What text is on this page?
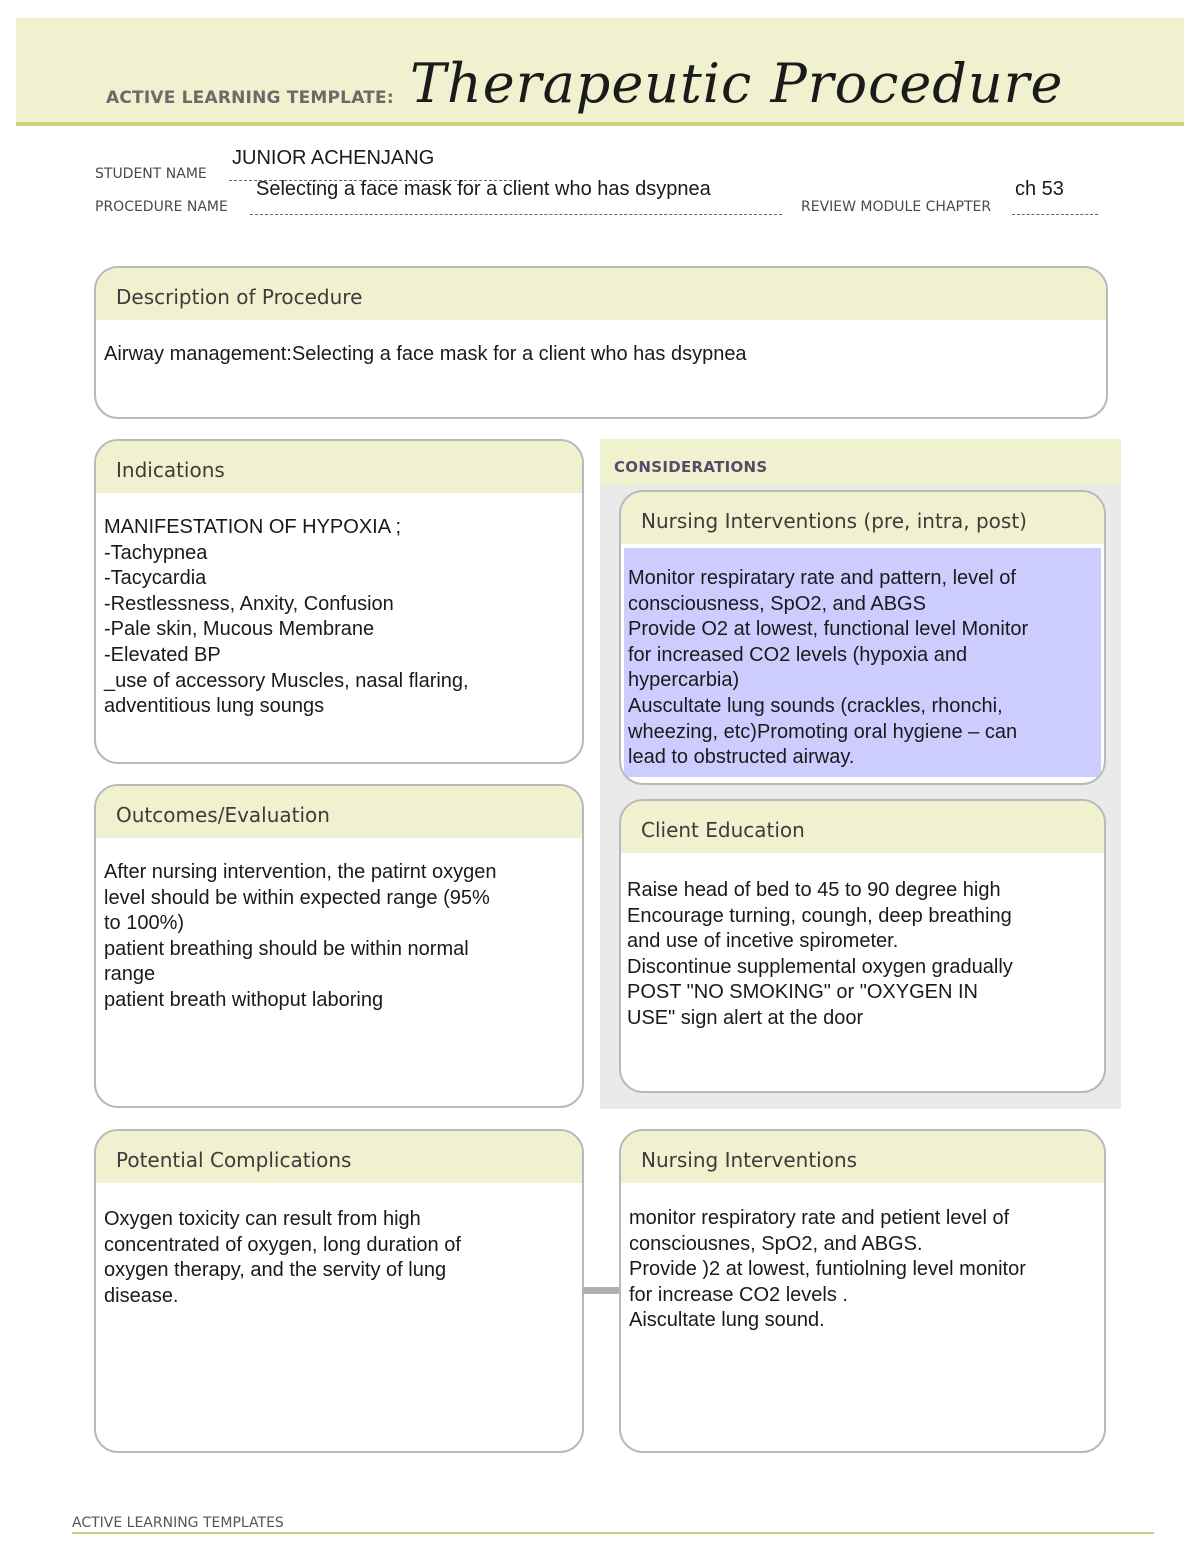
ACTIVE LEARNING TEMPLATE: Therapeutic Procedure
STUDENT NAME
JUNIOR ACHENJANG
PROCEDURE NAME
Selecting a face mask for a client who has dsypnea
REVIEW MODULE CHAPTER
ch 53
Description of Procedure
Airway management:Selecting a face mask for a client who has dsypnea
Indications
MANIFESTATION OF HYPOXIA ;
-Tachypnea
-Tacycardia
-Restlessness, Anxity, Confusion
-Pale skin, Mucous Membrane
-Elevated BP
_use of accessory Muscles, nasal flaring,
adventitious lung soungs
CONSIDERATIONS
Nursing Interventions (pre, intra, post)
Monitor respiratary rate and pattern, level of
consciousness, SpO2, and ABGS
Provide O2 at lowest, functional level Monitor
for increased CO2 levels (hypoxia and
hypercarbia)
Auscultate lung sounds (crackles, rhonchi,
wheezing, etc)Promoting oral hygiene – can
lead to obstructed airway.
Outcomes/Evaluation
After nursing intervention, the patirnt oxygen
level should be within expected range (95%
to 100%)
patient breathing should be within normal
range
patient breath withoput laboring
Client Education
Raise head of bed to 45 to 90 degree high
Encourage turning, coungh, deep breathing
and use of incetive spirometer.
Discontinue supplemental oxygen gradually
POST "NO SMOKING" or "OXYGEN IN
USE" sign alert at the door
Potential Complications
Oxygen toxicity can result from high
concentrated of oxygen, long duration of
oxygen therapy, and the servity of lung
disease.
Nursing Interventions
monitor respiratory rate and petient level of
consciousnes, SpO2, and ABGS.
Provide )2 at lowest, funtiolning level monitor
for increase CO2 levels .
Aiscultate lung sound.
ACTIVE LEARNING TEMPLATES
